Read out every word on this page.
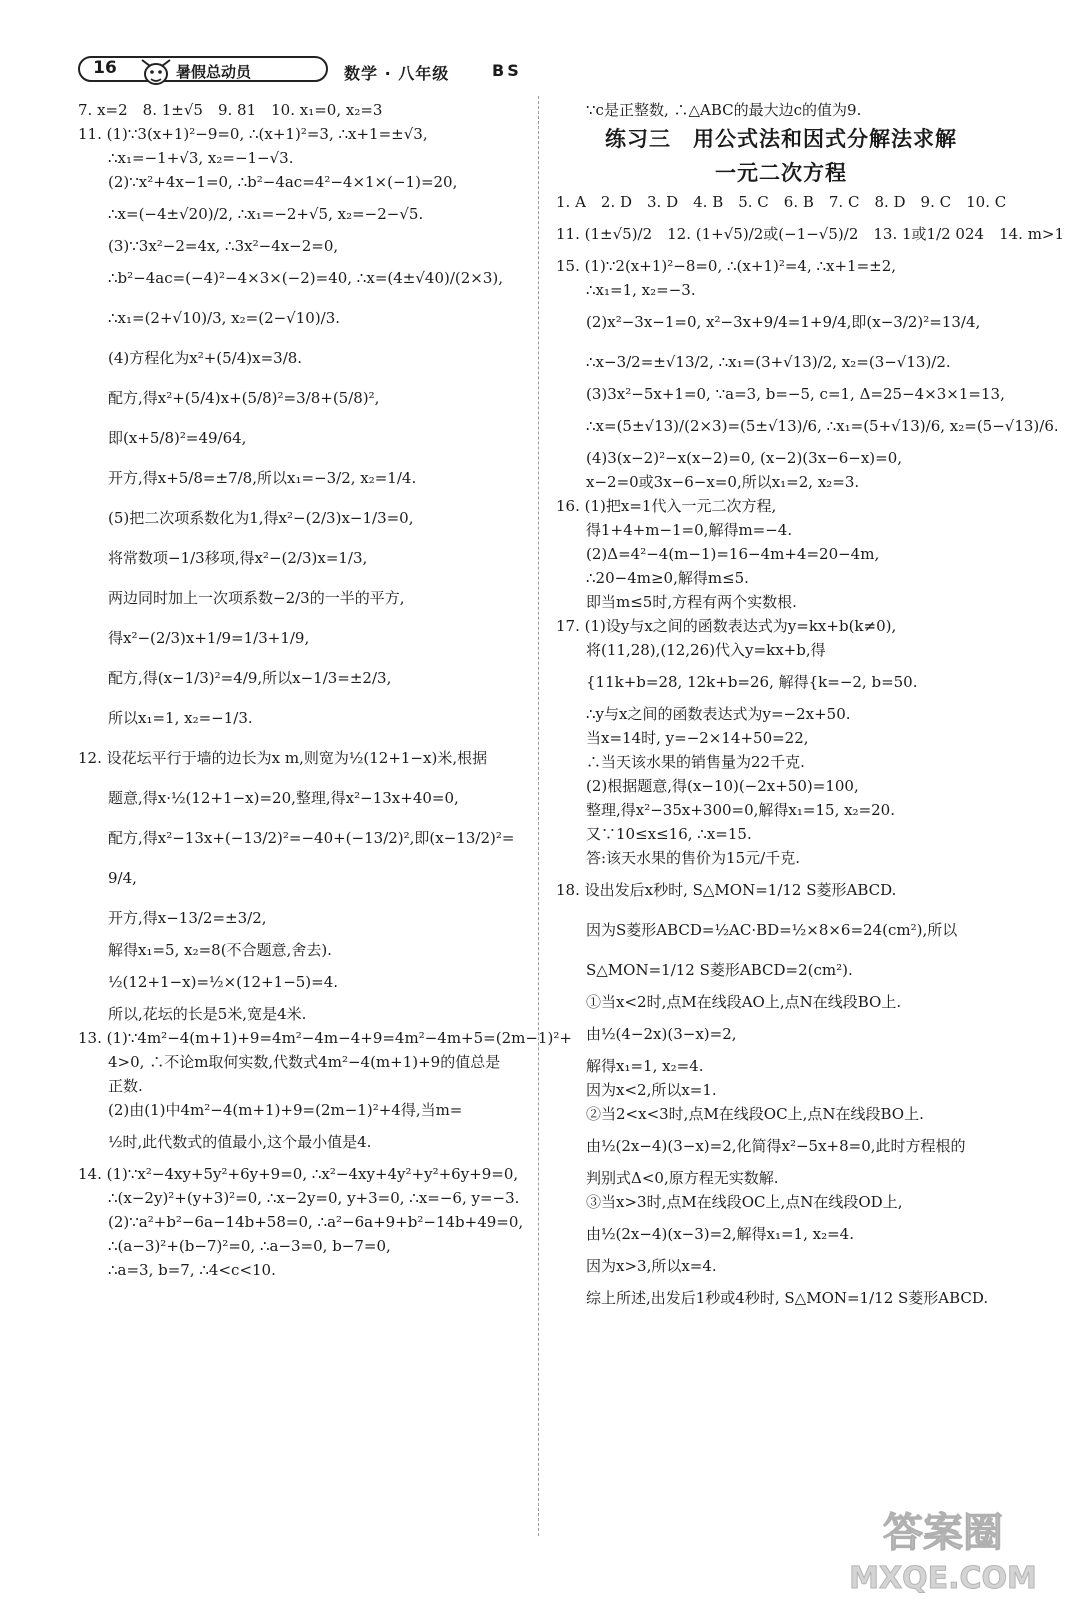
16	暑假总动员	数学 · 八年级	BS

7. x=2　8. 1±√5　9. 81　10. x₁=0, x₂=3

11. (1)∵3(x+1)²−9=0, ∴(x+1)²=3, ∴x+1=±√3,

∴x₁=−1+√3, x₂=−1−√3.

(2)∵x²+4x−1=0, ∴b²−4ac=4²−4×1×(−1)=20,

∴x=(−4±√20)/2, ∴x₁=−2+√5, x₂=−2−√5.

(3)∵3x²−2=4x, ∴3x²−4x−2=0,

∴b²−4ac=(−4)²−4×3×(−2)=40, ∴x=(4±√40)/(2×3),

∴x₁=(2+√10)/3, x₂=(2−√10)/3.

(4)方程化为x²+(5/4)x=3/8.

配方,得x²+(5/4)x+(5/8)²=3/8+(5/8)²,

即(x+5/8)²=49/64,

开方,得x+5/8=±7/8,所以x₁=−3/2, x₂=1/4.

(5)把二次项系数化为1,得x²−(2/3)x−1/3=0,

将常数项−1/3移项,得x²−(2/3)x=1/3,

两边同时加上一次项系数−2/3的一半的平方,

得x²−(2/3)x+1/9=1/3+1/9,

配方,得(x−1/3)²=4/9,所以x−1/3=±2/3,

所以x₁=1, x₂=−1/3.

12. 设花坛平行于墙的边长为x m,则宽为½(12+1−x)米,根据

题意,得x·½(12+1−x)=20,整理,得x²−13x+40=0,

配方,得x²−13x+(−13/2)²=−40+(−13/2)²,即(x−13/2)²=

9/4,

开方,得x−13/2=±3/2,

解得x₁=5, x₂=8(不合题意,舍去).

½(12+1−x)=½×(12+1−5)=4.

所以,花坛的长是5米,宽是4米.

13. (1)∵4m²−4(m+1)+9=4m²−4m−4+9=4m²−4m+5=(2m−1)²+

4>0, ∴不论m取何实数,代数式4m²−4(m+1)+9的值总是

正数.

(2)由(1)中4m²−4(m+1)+9=(2m−1)²+4得,当m=

½时,此代数式的值最小,这个最小值是4.

14. (1)∵x²−4xy+5y²+6y+9=0, ∴x²−4xy+4y²+y²+6y+9=0,

∴(x−2y)²+(y+3)²=0, ∴x−2y=0, y+3=0, ∴x=−6, y=−3.

(2)∵a²+b²−6a−14b+58=0, ∴a²−6a+9+b²−14b+49=0,

∴(a−3)²+(b−7)²=0, ∴a−3=0, b−7=0,

∴a=3, b=7, ∴4<c<10.

∵c是正整数, ∴△ABC的最大边c的值为9.

练习三　用公式法和因式分解法求解
一元二次方程

1. A　2. D　3. D　4. B　5. C　6. B　7. C　8. D　9. C　10. C

11. (1±√5)/2　12. (1+√5)/2或(−1−√5)/2　13. 1或1/2 024　14. m>1

15. (1)∵2(x+1)²−8=0, ∴(x+1)²=4, ∴x+1=±2,

∴x₁=1, x₂=−3.

(2)x²−3x−1=0, x²−3x+9/4=1+9/4,即(x−3/2)²=13/4,

∴x−3/2=±√13/2, ∴x₁=(3+√13)/2, x₂=(3−√13)/2.

(3)3x²−5x+1=0, ∵a=3, b=−5, c=1, Δ=25−4×3×1=13,

∴x=(5±√13)/(2×3)=(5±√13)/6, ∴x₁=(5+√13)/6, x₂=(5−√13)/6.

(4)3(x−2)²−x(x−2)=0, (x−2)(3x−6−x)=0,

x−2=0或3x−6−x=0,所以x₁=2, x₂=3.

16. (1)把x=1代入一元二次方程,

得1+4+m−1=0,解得m=−4.

(2)Δ=4²−4(m−1)=16−4m+4=20−4m,

∴20−4m≥0,解得m≤5.

即当m≤5时,方程有两个实数根.

17. (1)设y与x之间的函数表达式为y=kx+b(k≠0),

将(11,28),(12,26)代入y=kx+b,得

{11k+b=28, 12k+b=26, 解得{k=−2, b=50.

∴y与x之间的函数表达式为y=−2x+50.

当x=14时, y=−2×14+50=22,

∴当天该水果的销售量为22千克.

(2)根据题意,得(x−10)(−2x+50)=100,

整理,得x²−35x+300=0,解得x₁=15, x₂=20.

又∵10≤x≤16, ∴x=15.

答:该天水果的售价为15元/千克.

18. 设出发后x秒时, S△MON=1/12 S菱形ABCD.

因为S菱形ABCD=½AC·BD=½×8×6=24(cm²),所以

S△MON=1/12 S菱形ABCD=2(cm²).

①当x<2时,点M在线段AO上,点N在线段BO上.

由½(4−2x)(3−x)=2,

解得x₁=1, x₂=4.

因为x<2,所以x=1.

②当2<x<3时,点M在线段OC上,点N在线段BO上.

由½(2x−4)(3−x)=2,化简得x²−5x+8=0,此时方程根的

判别式Δ<0,原方程无实数解.

③当x>3时,点M在线段OC上,点N在线段OD上,

由½(2x−4)(x−3)=2,解得x₁=1, x₂=4.

因为x>3,所以x=4.

综上所述,出发后1秒或4秒时, S△MON=1/12 S菱形ABCD.

答案圈
MXQE.COM
